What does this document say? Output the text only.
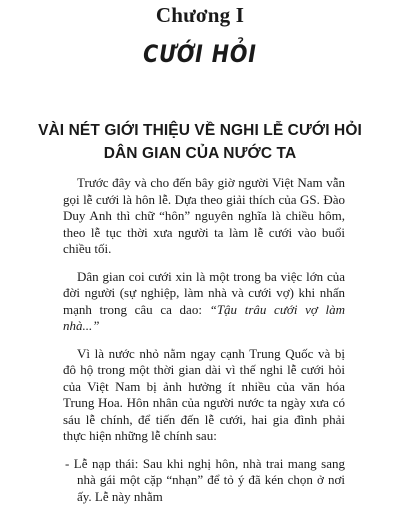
Chương I
CƯỚI HỎI
VÀI NÉT GIỚI THIỆU VỀ NGHI LỄ CƯỚI HỎI
DÂN GIAN CỦA NƯỚC TA

Trước đây và cho đến bây giờ người Việt Nam vẫn gọi lễ cưới là hôn lễ. Dựa theo giải thích của GS. Đào Duy Anh thì chữ “hôn” nguyên nghĩa là chiều hôm, theo lễ tục thời xưa người ta làm lễ cưới vào buổi chiều tối.

Dân gian coi cưới xin là một trong ba việc lớn của đời người (sự nghiệp, làm nhà và cưới vợ) khi nhấn mạnh trong câu ca dao: “Tậu trâu cưới vợ làm nhà...”

Vì là nước nhỏ nằm ngay cạnh Trung Quốc và bị đô hộ trong một thời gian dài vì thế nghi lễ cưới hỏi của Việt Nam bị ảnh hưởng ít nhiều của văn hóa Trung Hoa. Hôn nhân của người nước ta ngày xưa có sáu lễ chính, để tiến đến lễ cưới, hai gia đình phải thực hiện những lễ chính sau:

- Lễ nạp thái: Sau khi nghị hôn, nhà trai mang sang nhà gái một cặp “nhạn” để tỏ ý đã kén chọn ở nơi ấy. Lễ này nhằm
